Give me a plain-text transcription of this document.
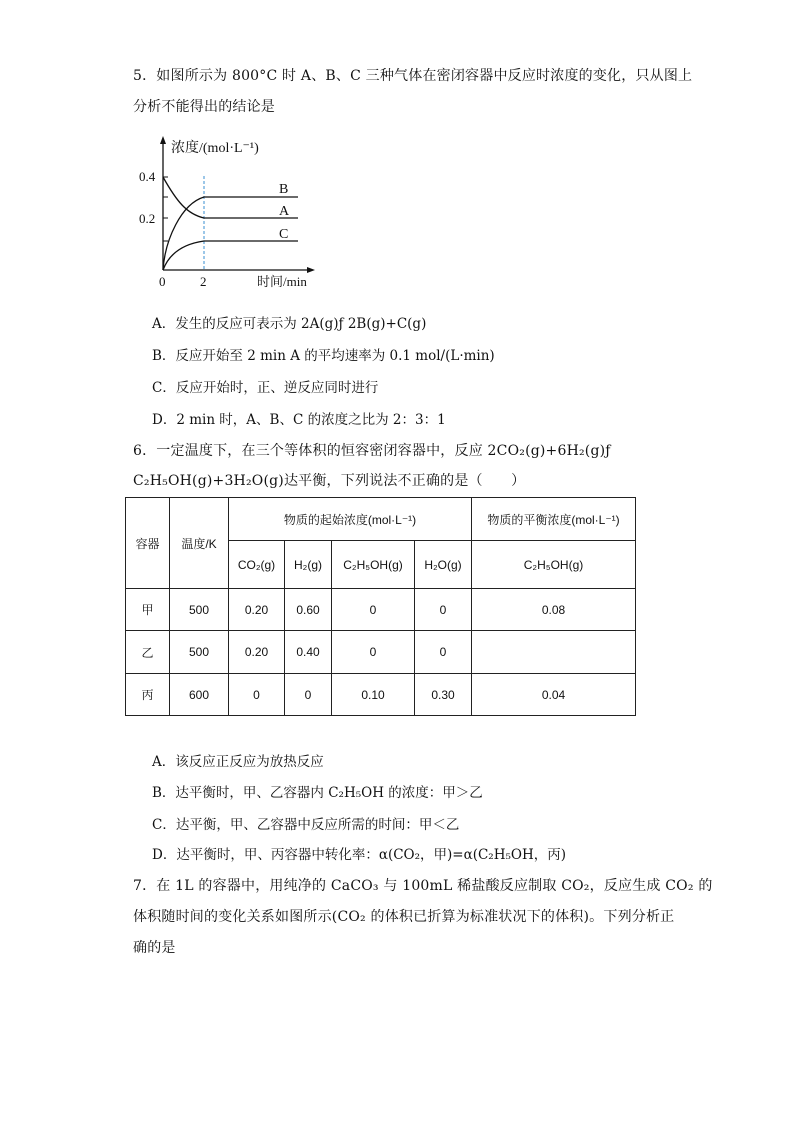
5．如图所示为 800°C 时 A、B、C 三种气体在密闭容器中反应时浓度的变化，只从图上
分析不能得出的结论是
浓度/(mol·L⁻¹)
0.4
0.2
0	2	时间/min
B
A
C
A．发生的反应可表示为 2A(g)ƒ 2B(g)+C(g)
B．反应开始至 2 min A 的平均速率为 0.1 mol/(L·min)
C．反应开始时，正、逆反应同时进行
D．2 min 时，A、B、C 的浓度之比为 2：3：1
6．一定温度下，在三个等体积的恒容密闭容器中，反应 2CO₂(g)+6H₂(g)ƒ
C₂H₅OH(g)+3H₂O(g)达平衡，下列说法不正确的是（　　）
容器	温度/K	物质的起始浓度(mol·L⁻¹)				物质的平衡浓度(mol·L⁻¹)
		CO₂(g)	H₂(g)	C₂H₅OH(g)	H₂O(g)	C₂H₅OH(g)
甲	500	0.20	0.60	0	0	0.08
乙	500	0.20	0.40	0	0	
丙	600	0	0	0.10	0.30	0.04
A．该反应正反应为放热反应
B．达平衡时，甲、乙容器内 C₂H₅OH 的浓度：甲＞乙
C．达平衡，甲、乙容器中反应所需的时间：甲＜乙
D．达平衡时，甲、丙容器中转化率：α(CO₂，甲)=α(C₂H₅OH，丙)
7．在 1L 的容器中，用纯净的 CaCO₃ 与 100mL 稀盐酸反应制取 CO₂，反应生成 CO₂ 的
体积随时间的变化关系如图所示(CO₂ 的体积已折算为标准状况下的体积)。下列分析正
确的是
